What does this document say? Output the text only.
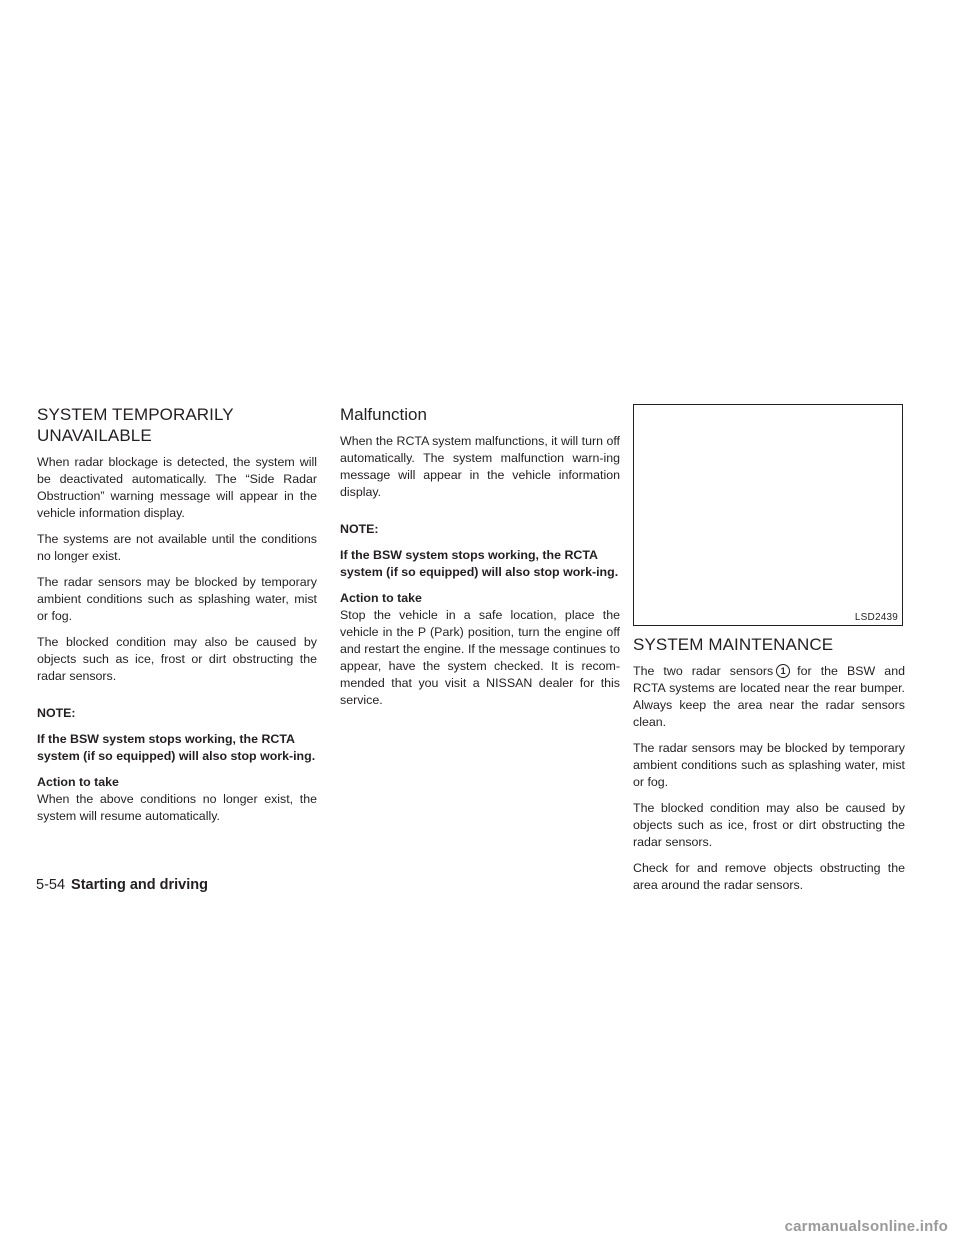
SYSTEM TEMPORARILY
UNAVAILABLE

When radar blockage is detected, the system will be deactivated automatically. The “Side Radar Obstruction” warning message will appear in the vehicle information display.

The systems are not available until the conditions no longer exist.

The radar sensors may be blocked by temporary ambient conditions such as splashing water, mist or fog.

The blocked condition may also be caused by objects such as ice, frost or dirt obstructing the radar sensors.

NOTE:

If the BSW system stops working, the RCTA system (if so equipped) will also stop work-ing.

Action to take

When the above conditions no longer exist, the system will resume automatically.

Malfunction

When the RCTA system malfunctions, it will turn off automatically. The system malfunction warn-ing message will appear in the vehicle information display.

NOTE:

If the BSW system stops working, the RCTA system (if so equipped) will also stop work-ing.

Action to take

Stop the vehicle in a safe location, place the vehicle in the P (Park) position, turn the engine off and restart the engine. If the message continues to appear, have the system checked. It is recom-mended that you visit a NISSAN dealer for this service.

LSD2439
SYSTEM MAINTENANCE

The two radar sensors 1 for the BSW and RCTA systems are located near the rear bumper. Always keep the area near the radar sensors clean.

The radar sensors may be blocked by temporary ambient conditions such as splashing water, mist or fog.

The blocked condition may also be caused by objects such as ice, frost or dirt obstructing the radar sensors.

Check for and remove objects obstructing the area around the radar sensors.

5-54 Starting and driving
carmanualsonline.info
